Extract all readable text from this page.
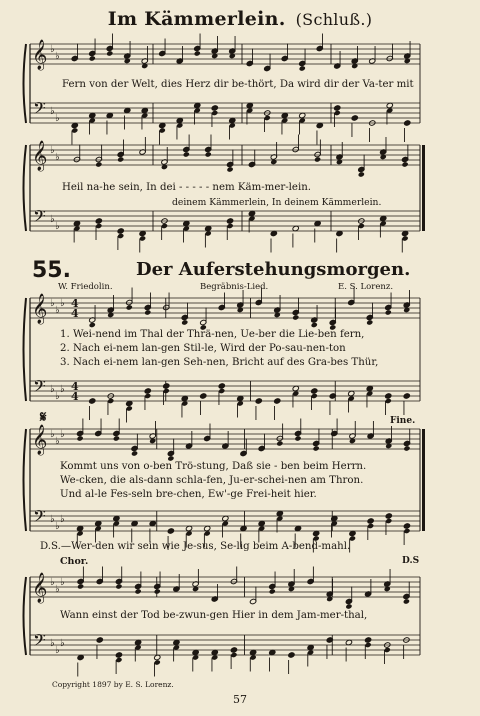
Im Kämmerlein. (Schluß.)
𝄞
𝄢
♭
♭
♭
♭
𝄞
𝄢
♭
♭
♭
♭
𝄞
𝄢
♭
♭
♭
♭
♭
♭
4
4
4
4
𝄞
𝄢
♭
♭
♭
♭
♭
♭
𝄞
𝄢
♭
♭
♭
♭
♭
♭
Fern von der Welt, dies Herz dir be-thört, Da wird dir der Va-ter mit
Heil na-he sein, In dei - - - - - nem Käm-mer-lein.
deinem Kämmerlein, In deinem Kämmerlein.
55.	Der Auferstehungsmorgen.
W. Friedolin.	Begräbnis-Lied.	E. S. Lorenz.
1. Wei-nend im Thal der Thrä-nen, Ue-ber die Lie-ben fern,
2. Nach ei-nem lan-gen Stil-le, Wird der Po-sau-nen-ton
3. Nach ei-nem lan-gen Seh-nen, Bricht auf des Gra-bes Thür,
𝄋	Fine.
Kommt uns von o-ben Trö-stung, Daß sie - ben beim Herrn.
We-cken, die als-dann schla-fen, Ju-er-schei-nen am Thron.
Und al-le Fes-seln bre-chen, Ew'-ge Frei-heit hier.
D.S.—Wer-den wir sein wie Je-sus, Se-lig beim A-bend-mahl.
Chor.	D.S
Wann einst der Tod be-zwun-gen Hier in dem Jam-mer-thal,
Copyright 1897 by E. S. Lorenz.
57
